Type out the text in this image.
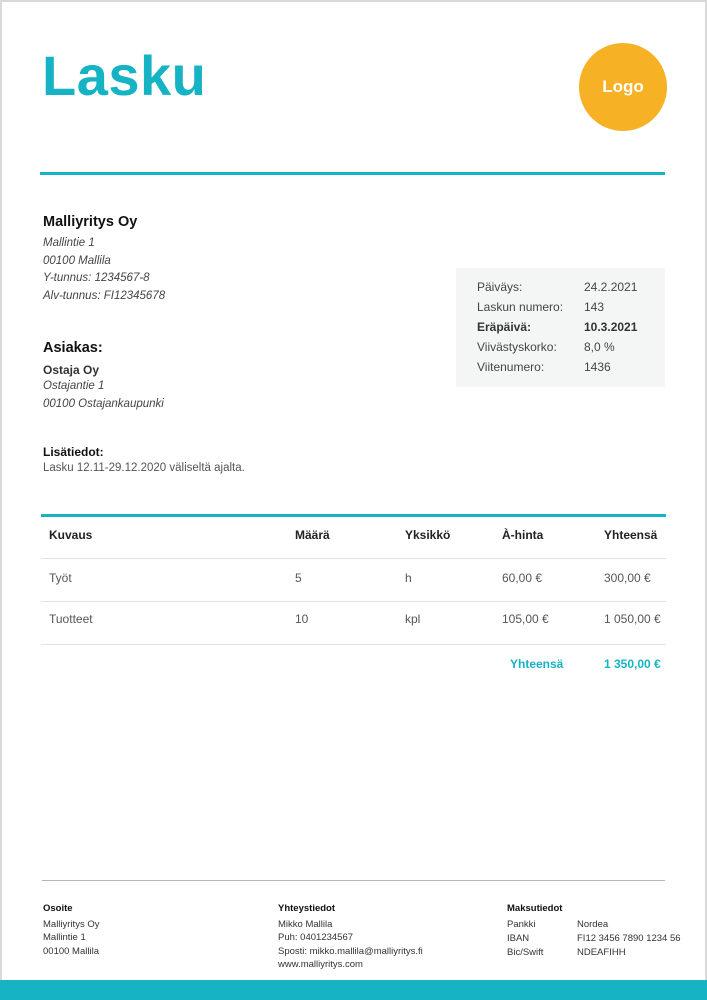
Lasku	Logo
Malliyritys Oy
Mallintie 1
00100 Mallila
Y-tunnus: 1234567-8
Alv-tunnus: FI12345678
Asiakas:
Ostaja Oy
Ostajantie 1
00100 Ostajankaupunki
Lisätiedot:
Lasku 12.11-29.12.2020 väliseltä ajalta.
Päiväys:	24.2.2021
Laskun numero: 143
Eräpäivä:	10.3.2021
Viivästyskorko: 8,0 %
Viitenumero:	1436
Kuvaus	Määrä	Yksikkö	À-hinta	Yhteensä
Työt	5	h	60,00 €	300,00 €
Tuotteet	10	kpl	105,00 €	1 050,00 €
Yhteensä	1 350,00 €
Osoite
Malliyritys Oy
Mallintie 1
00100 Mallila
Yhteystiedot
Mikko Mallila
Puh: 0401234567
Sposti: mikko.mallila@malliyritys.fi
www.malliyritys.com
Maksutiedot
Pankki	Nordea
IBAN	FI12 3456 7890 1234 56
Bic/Swift	NDEAFIHH
